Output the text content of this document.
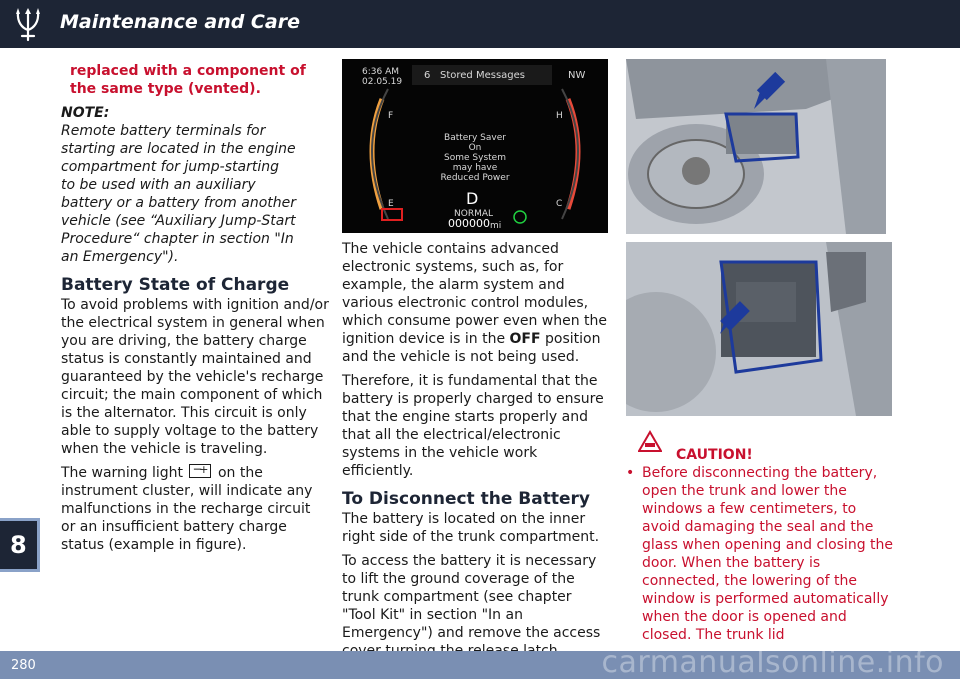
Maintenance and Care
8

replaced with a component of the same type (vented).

NOTE:

Remote battery terminals for starting are located in the engine compartment for jump-starting to be used with an auxiliary battery or a battery from another vehicle (see “Auxiliary Jump-Start Procedure“ chapter in section "In an Emergency").

Battery State of Charge

To avoid problems with ignition and/or the electrical system in general when you are driving, the battery charge status is constantly maintained and guaranteed by the vehicle's recharge circuit; the main component of which is the alternator. This circuit is only able to supply voltage to the battery when the vehicle is traveling.

The warning light − + on the instrument cluster, will indicate any malfunctions in the recharge circuit or an insufficient battery charge status (example in figure).

6:36 AM
02.05.19
6 Stored Messages	NW
F
E
H
C
Battery Saver
On
Some System
may have
Reduced Power
D
NORMAL
000000 mi

The vehicle contains advanced electronic systems, such as, for example, the alarm system and various electronic control modules, which consume power even when the ignition device is in the OFF position and the vehicle is not being used.

Therefore, it is fundamental that the battery is properly charged to ensure that the engine starts properly and that all the electrical/electronic systems in the vehicle work efficiently.

To Disconnect the Battery

The battery is located on the inner right side of the trunk compartment.

To access the battery it is necessary to lift the ground coverage of the trunk compartment (see chapter "Tool Kit" in section "In an Emergency") and remove the access

CAUTION!
• Before disconnecting the battery, open the trunk and lower the windows a few centimeters, to avoid damaging the seal and the glass when opening and closing the door. When the battery is connected, the lowering of the window is performed automatically when the door is opened and closed. The trunk lid
280	carmanualsonline.info
